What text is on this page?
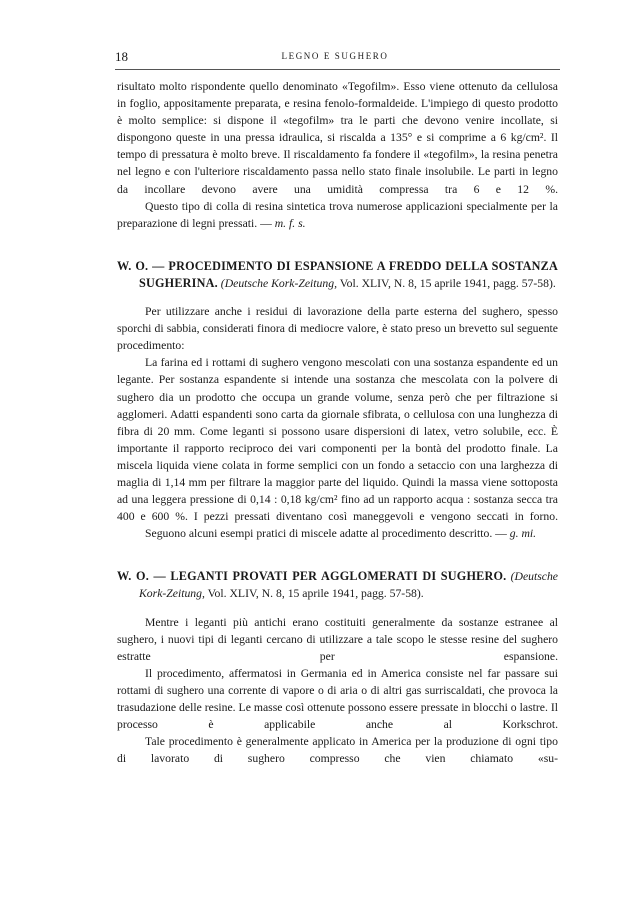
18	LEGNO E SUGHERO

risultato molto rispondente quello denominato «Tegofilm». Esso viene ottenuto da cellulosa in foglio, appositamente preparata, e resina fenolo-formaldeide. L'impiego di questo prodotto è molto semplice: si dispone il «tegofilm» tra le parti che devono venire incollate, si dispongono queste in una pressa idraulica, si riscalda a 135° e si comprime a 6 kg/cm². Il tempo di pressatura è molto breve. Il riscaldamento fa fondere il «tegofilm», la resina penetra nel legno e con l'ulteriore riscaldamento passa nello stato finale insolubile. Le parti in legno da incollare devono avere una umidità compressa tra 6 e 12 %.

Questo tipo di colla di resina sintetica trova numerose applicazioni specialmente per la preparazione di legni pressati. — m. f. s.

W. O. — PROCEDIMENTO DI ESPANSIONE A FREDDO DELLA SOSTANZA SUGHERINA. (Deutsche Kork-Zeitung, Vol. XLIV, N. 8, 15 aprile 1941, pagg. 57-58).

Per utilizzare anche i residui di lavorazione della parte esterna del sughero, spesso sporchi di sabbia, considerati finora di mediocre valore, è stato preso un brevetto sul seguente procedimento:

La farina ed i rottami di sughero vengono mescolati con una sostanza espandente ed un legante. Per sostanza espandente si intende una sostanza che mescolata con la polvere di sughero dia un prodotto che occupa un grande volume, senza però che per filtrazione si agglomeri. Adatti espandenti sono carta da giornale sfibrata, o cellulosa con una lunghezza di fibra di 20 mm. Come leganti si possono usare dispersioni di latex, vetro solubile, ecc. È importante il rapporto reciproco dei vari componenti per la bontà del prodotto finale. La miscela liquida viene colata in forme semplici con un fondo a setaccio con una larghezza di maglia di 1,14 mm per filtrare la maggior parte del liquido. Quindi la massa viene sottoposta ad una leggera pressione di 0,14 : 0,18 kg/cm² fino ad un rapporto acqua : sostanza secca tra 400 e 600 %. I pezzi pressati diventano così maneggevoli e vengono seccati in forno.

Seguono alcuni esempi pratici di miscele adatte al procedimento descritto. — g. mi.

W. O. — LEGANTI PROVATI PER AGGLOMERATI DI SUGHERO. (Deutsche Kork-Zeitung, Vol. XLIV, N. 8, 15 aprile 1941, pagg. 57-58).

Mentre i leganti più antichi erano costituiti generalmente da sostanze estranee al sughero, i nuovi tipi di leganti cercano di utilizzare a tale scopo le stesse resine del sughero estratte per espansione.

Il procedimento, affermatosi in Germania ed in America consiste nel far passare sui rottami di sughero una corrente di vapore o di aria o di altri gas surriscaldati, che provoca la trasudazione delle resine. Le masse così ottenute possono essere pressate in blocchi o lastre. Il processo è applicabile anche al Korkschrot.

Tale procedimento è generalmente applicato in America per la produzione di ogni tipo di lavorato di sughero compresso che vien chiamato «su-
